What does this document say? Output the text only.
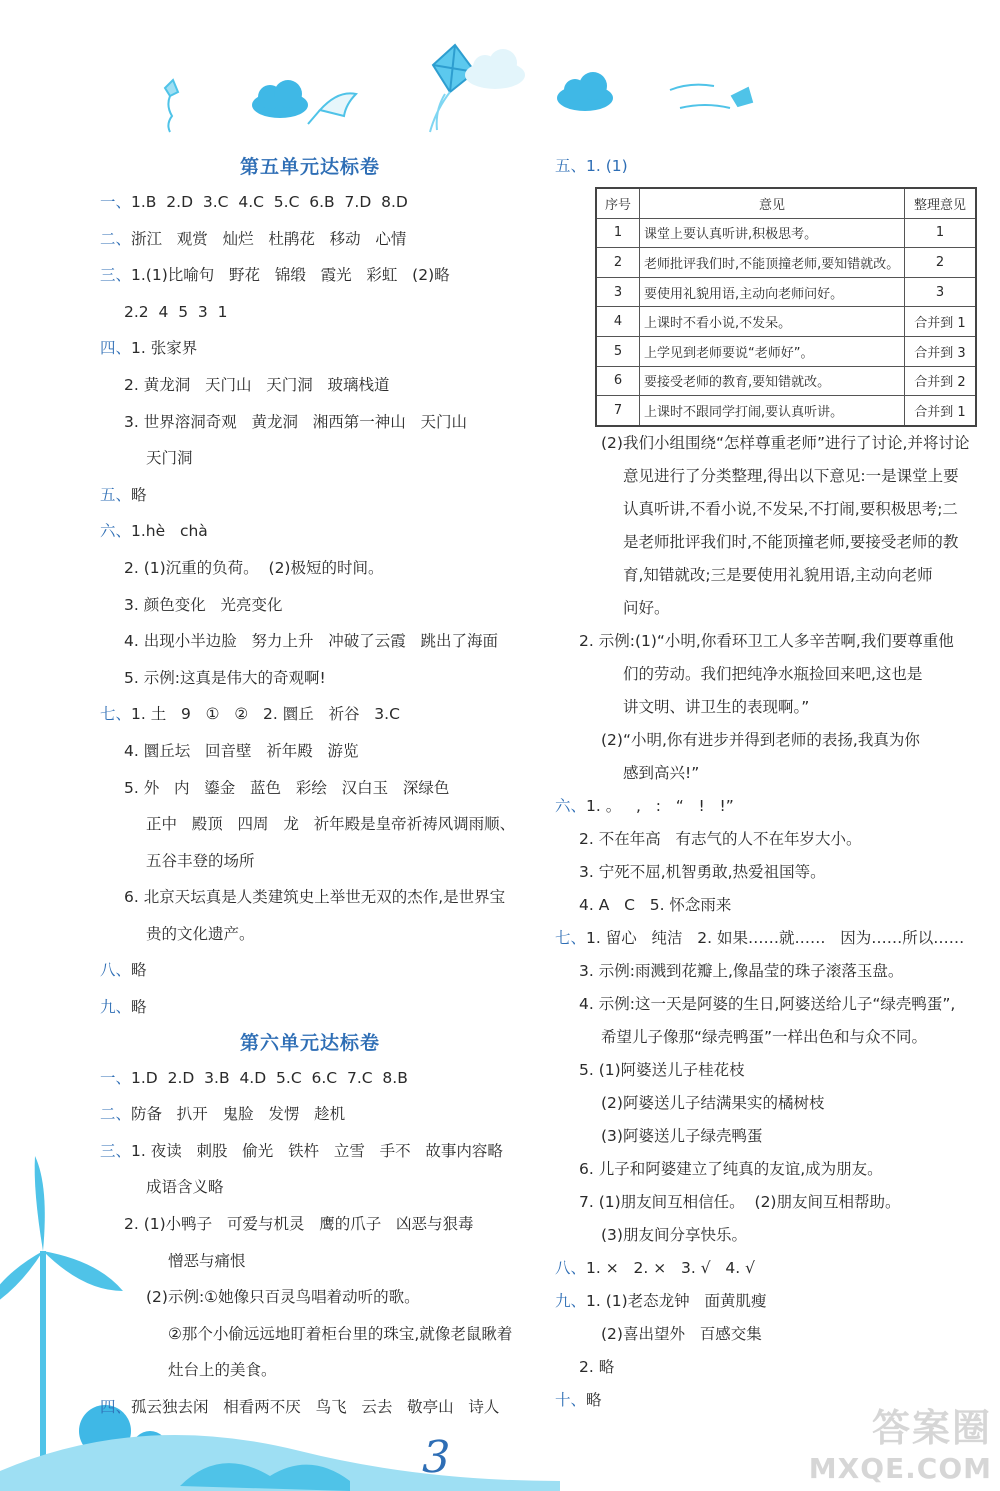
第五单元达标卷
一、1.B  2.D  3.C  4.C  5.C  6.B  7.D  8.D
二、浙江   观赏   灿烂   杜鹃花   移动   心情
三、1.(1)比喻句   野花   锦缎   霞光   彩虹   (2)略
2.2  4  5  3  1
四、1. 张家界
2. 黄龙洞   天门山   天门洞   玻璃栈道
3. 世界溶洞奇观   黄龙洞   湘西第一神山   天门山
天门洞
五、略
六、1.hè   chà
2. (1)沉重的负荷。  (2)极短的时间。
3. 颜色变化   光亮变化
4. 出现小半边脸   努力上升   冲破了云霞   跳出了海面
5. 示例:这真是伟大的奇观啊!
七、1. 土   9   ①   ②   2. 圜丘   祈谷   3.C
4. 圜丘坛   回音壁   祈年殿   游览
5. 外   内   鎏金   蓝色   彩绘   汉白玉   深绿色
正中   殿顶   四周   龙   祈年殿是皇帝祈祷风调雨顺、
五谷丰登的场所
6. 北京天坛真是人类建筑史上举世无双的杰作,是世界宝
贵的文化遗产。
八、略
九、略
第六单元达标卷
一、1.D  2.D  3.B  4.D  5.C  6.C  7.C  8.B
二、防备   扒开   鬼脸   发愣   趁机
三、1. 夜读   刺股   偷光   铁杵   立雪   手不   故事内容略
成语含义略
2. (1)小鸭子   可爱与机灵   鹰的爪子   凶恶与狠毒
憎恶与痛恨
(2)示例:①她像只百灵鸟唱着动听的歌。
②那个小偷远远地盯着柜台里的珠宝,就像老鼠瞅着
灶台上的美食。
四、孤云独去闲   相看两不厌   鸟飞   云去   敬亭山   诗人
五、1. (1)
序号	意见	整理意见
1	课堂上要认真听讲,积极思考。	1
2	老师批评我们时,不能顶撞老师,要知错就改。	2
3	要使用礼貌用语,主动向老师问好。	3
4	上课时不看小说,不发呆。	合并到 1
5	上学见到老师要说“老师好”。	合并到 3
6	要接受老师的教育,要知错就改。	合并到 2
7	上课时不跟同学打闹,要认真听讲。	合并到 1
(2)我们小组围绕“怎样尊重老师”进行了讨论,并将讨论
意见进行了分类整理,得出以下意见:一是课堂上要
认真听讲,不看小说,不发呆,不打闹,要积极思考;二
是老师批评我们时,不能顶撞老师,要接受老师的教
育,知错就改;三是要使用礼貌用语,主动向老师
问好。
2. 示例:(1)“小明,你看环卫工人多辛苦啊,我们要尊重他
们的劳动。我们把纯净水瓶捡回来吧,这也是
讲文明、讲卫生的表现啊。”
(2)“小明,你有进步并得到老师的表扬,我真为你
感到高兴!”
六、1. 。   ,   :   “   !   !”
2. 不在年高   有志气的人不在年岁大小。
3. 宁死不屈,机智勇敢,热爱祖国等。
4. A   C   5. 怀念雨来
七、1. 留心   纯洁   2. 如果……就……   因为……所以……
3. 示例:雨溅到花瓣上,像晶莹的珠子滚落玉盘。
4. 示例:这一天是阿婆的生日,阿婆送给儿子“绿壳鸭蛋”,
希望儿子像那“绿壳鸭蛋”一样出色和与众不同。
5. (1)阿婆送儿子桂花枝
(2)阿婆送儿子结满果实的橘树枝
(3)阿婆送儿子绿壳鸭蛋
6. 儿子和阿婆建立了纯真的友谊,成为朋友。
7. (1)朋友间互相信任。  (2)朋友间互相帮助。
(3)朋友间分享快乐。
八、1. ×   2. ×   3. √   4. √
九、1. (1)老态龙钟   面黄肌瘦
(2)喜出望外   百感交集
2. 略
十、略
3
答案圈
MXQE.COM
